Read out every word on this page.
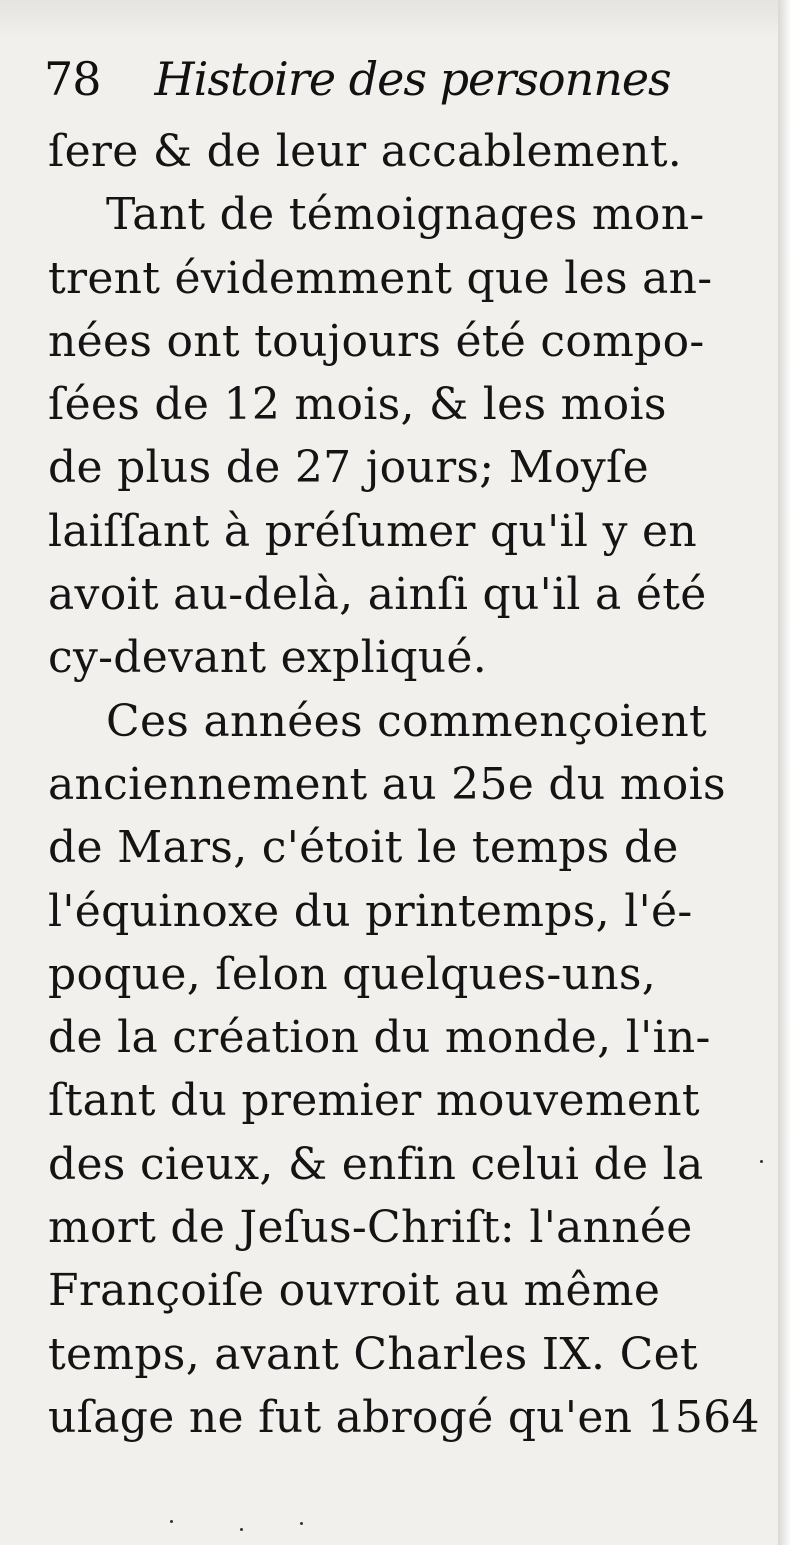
78 Histoire des personnes
ſere & de leur accablement.
Tant de témoignages mon-
trent évidemment que les an-
nées ont toujours été compo-
ſées de 12 mois, & les mois
de plus de 27 jours; Moyſe
laiſſant à préſumer qu'il y en
avoit au-delà, ainſi qu'il a été
cy-devant expliqué.
Ces années commençoient
anciennement au 25e du mois
de Mars, c'étoit le temps de
l'équinoxe du printemps, l'é-
poque, ſelon quelques-uns,
de la création du monde, l'in-
ſtant du premier mouvement
des cieux, & enfin celui de la
mort de Jeſus-Chriſt: l'année
Françoiſe ouvroit au même
temps, avant Charles IX. Cet
uſage ne fut abrogé qu'en 1564
